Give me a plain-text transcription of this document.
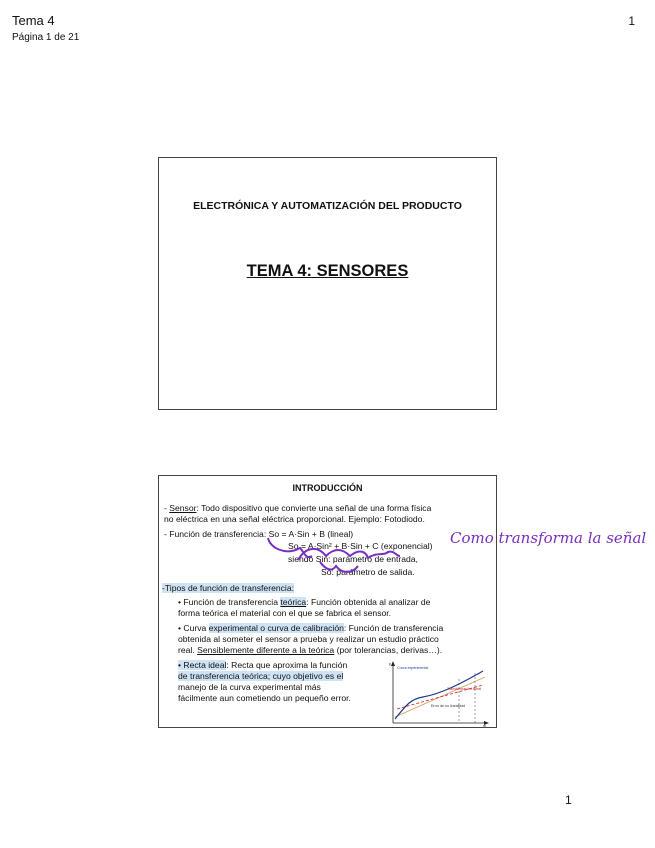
Tema 4
Página 1 de 21
1
ELECTRÓNICA Y AUTOMATIZACIÓN DEL PRODUCTO
TEMA 4: SENSORES
INTRODUCCIÓN
- Sensor: Todo dispositivo que convierte una señal de una forma física
no eléctrica en una señal eléctrica proporcional. Ejemplo: Fotodiodo.
- Función de transferencia: So = A·Sin + B (lineal)
So = A·Sin² + B·Sin + C (exponencial)
siendo Sin: parámetro de entrada,
So: parámetro de salida.
-Tipos de función de transferencia:
• Función de transferencia teórica: Función obtenida al analizar de
forma teórica el material con el que se fabrica el sensor.
• Curva experimental o curva de calibración: Función de transferencia
obtenida al someter el sensor a prueba y realizar un estudio práctico
real. Sensiblemente diferente a la teórica (por tolerancias, derivas…).
• Recta ideal: Recta que aproxima la función
de transferencia teórica; cuyo objetivo es el
manejo de la curva experimental más
fácilmente aun cometiendo un pequeño error.
Curva experimental
Transformación lineal
Error de no linealidad
y
m
Como transforma la señal
1
